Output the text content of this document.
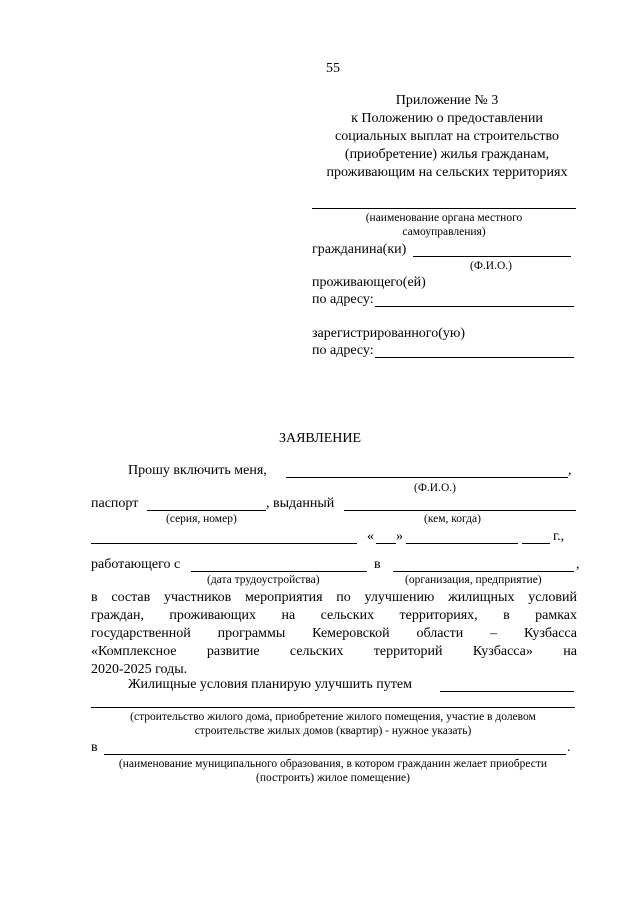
55
Приложение № 3
к Положению о предоставлении
социальных выплат на строительство
(приобретение) жилья гражданам,
проживающим на сельских территориях
(наименование органа местного
самоуправления)
гражданина(ки)
(Ф.И.О.)
проживающего(ей)
по адресу:
зарегистрированного(ую)
по адресу:
ЗАЯВЛЕНИЕ
Прошу включить меня,	,
(Ф.И.О.)
паспорт	, выданный
(серия, номер)	(кем, когда)
« »	г.,
работающего с	в	,
(дата трудоустройства)	(организация, предприятие)
в состав участников мероприятия по улучшению жилищных условий
граждан, проживающих на сельских территориях, в рамках
государственной программы Кемеровской области – Кузбасса
«Комплексное развитие сельских территорий Кузбасса» на
2020-2025 годы.
Жилищные условия планирую улучшить путем
(строительство жилого дома, приобретение жилого помещения, участие в долевом
строительстве жилых домов (квартир) - нужное указать)
в	.
(наименование муниципального образования, в котором гражданин желает приобрести
(построить) жилое помещение)
